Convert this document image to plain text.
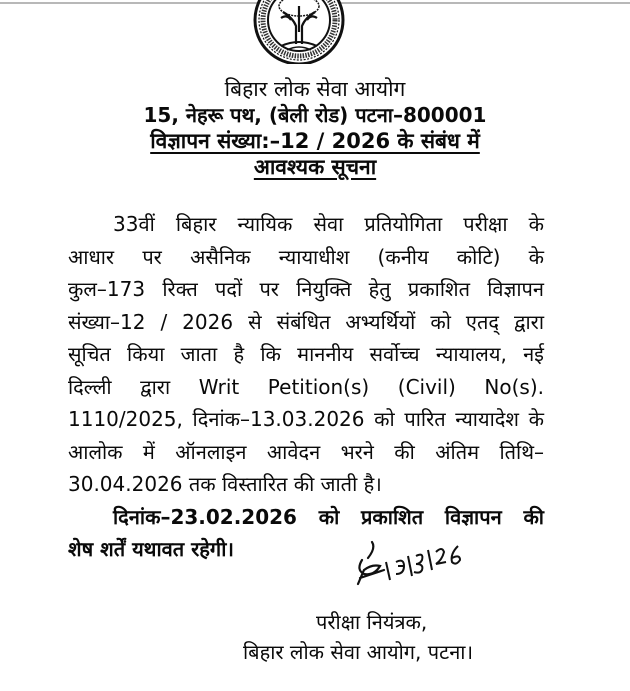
बिहार लोक सेवा आयोग
15, नेहरू पथ, (बेली रोड) पटना–800001
विज्ञापन संख्या:–12 / 2026 के संबंध में
आवश्यक सूचना
33वीं बिहार न्यायिक सेवा प्रतियोगिता परीक्षा के
आधार पर असैनिक न्यायाधीश (कनीय कोटि) के
कुल–173 रिक्त पदों पर नियुक्ति हेतु प्रकाशित विज्ञापन
संख्या–12 / 2026 से संबंधित अभ्यर्थियों को एतद् द्वारा
सूचित किया जाता है कि माननीय सर्वोच्च न्यायालय, नई
दिल्ली द्वारा Writ Petition(s) (Civil) No(s).
1110/2025, दिनांक–13.03.2026 को पारित न्यायादेश के
आलोक में ऑनलाइन आवेदन भरने की अंतिम तिथि–
30.04.2026 तक विस्तारित की जाती है।
दिनांक–23.02.2026 को प्रकाशित विज्ञापन की
शेष शर्तें यथावत रहेगी।
परीक्षा नियंत्रक,
बिहार लोक सेवा आयोग, पटना।
